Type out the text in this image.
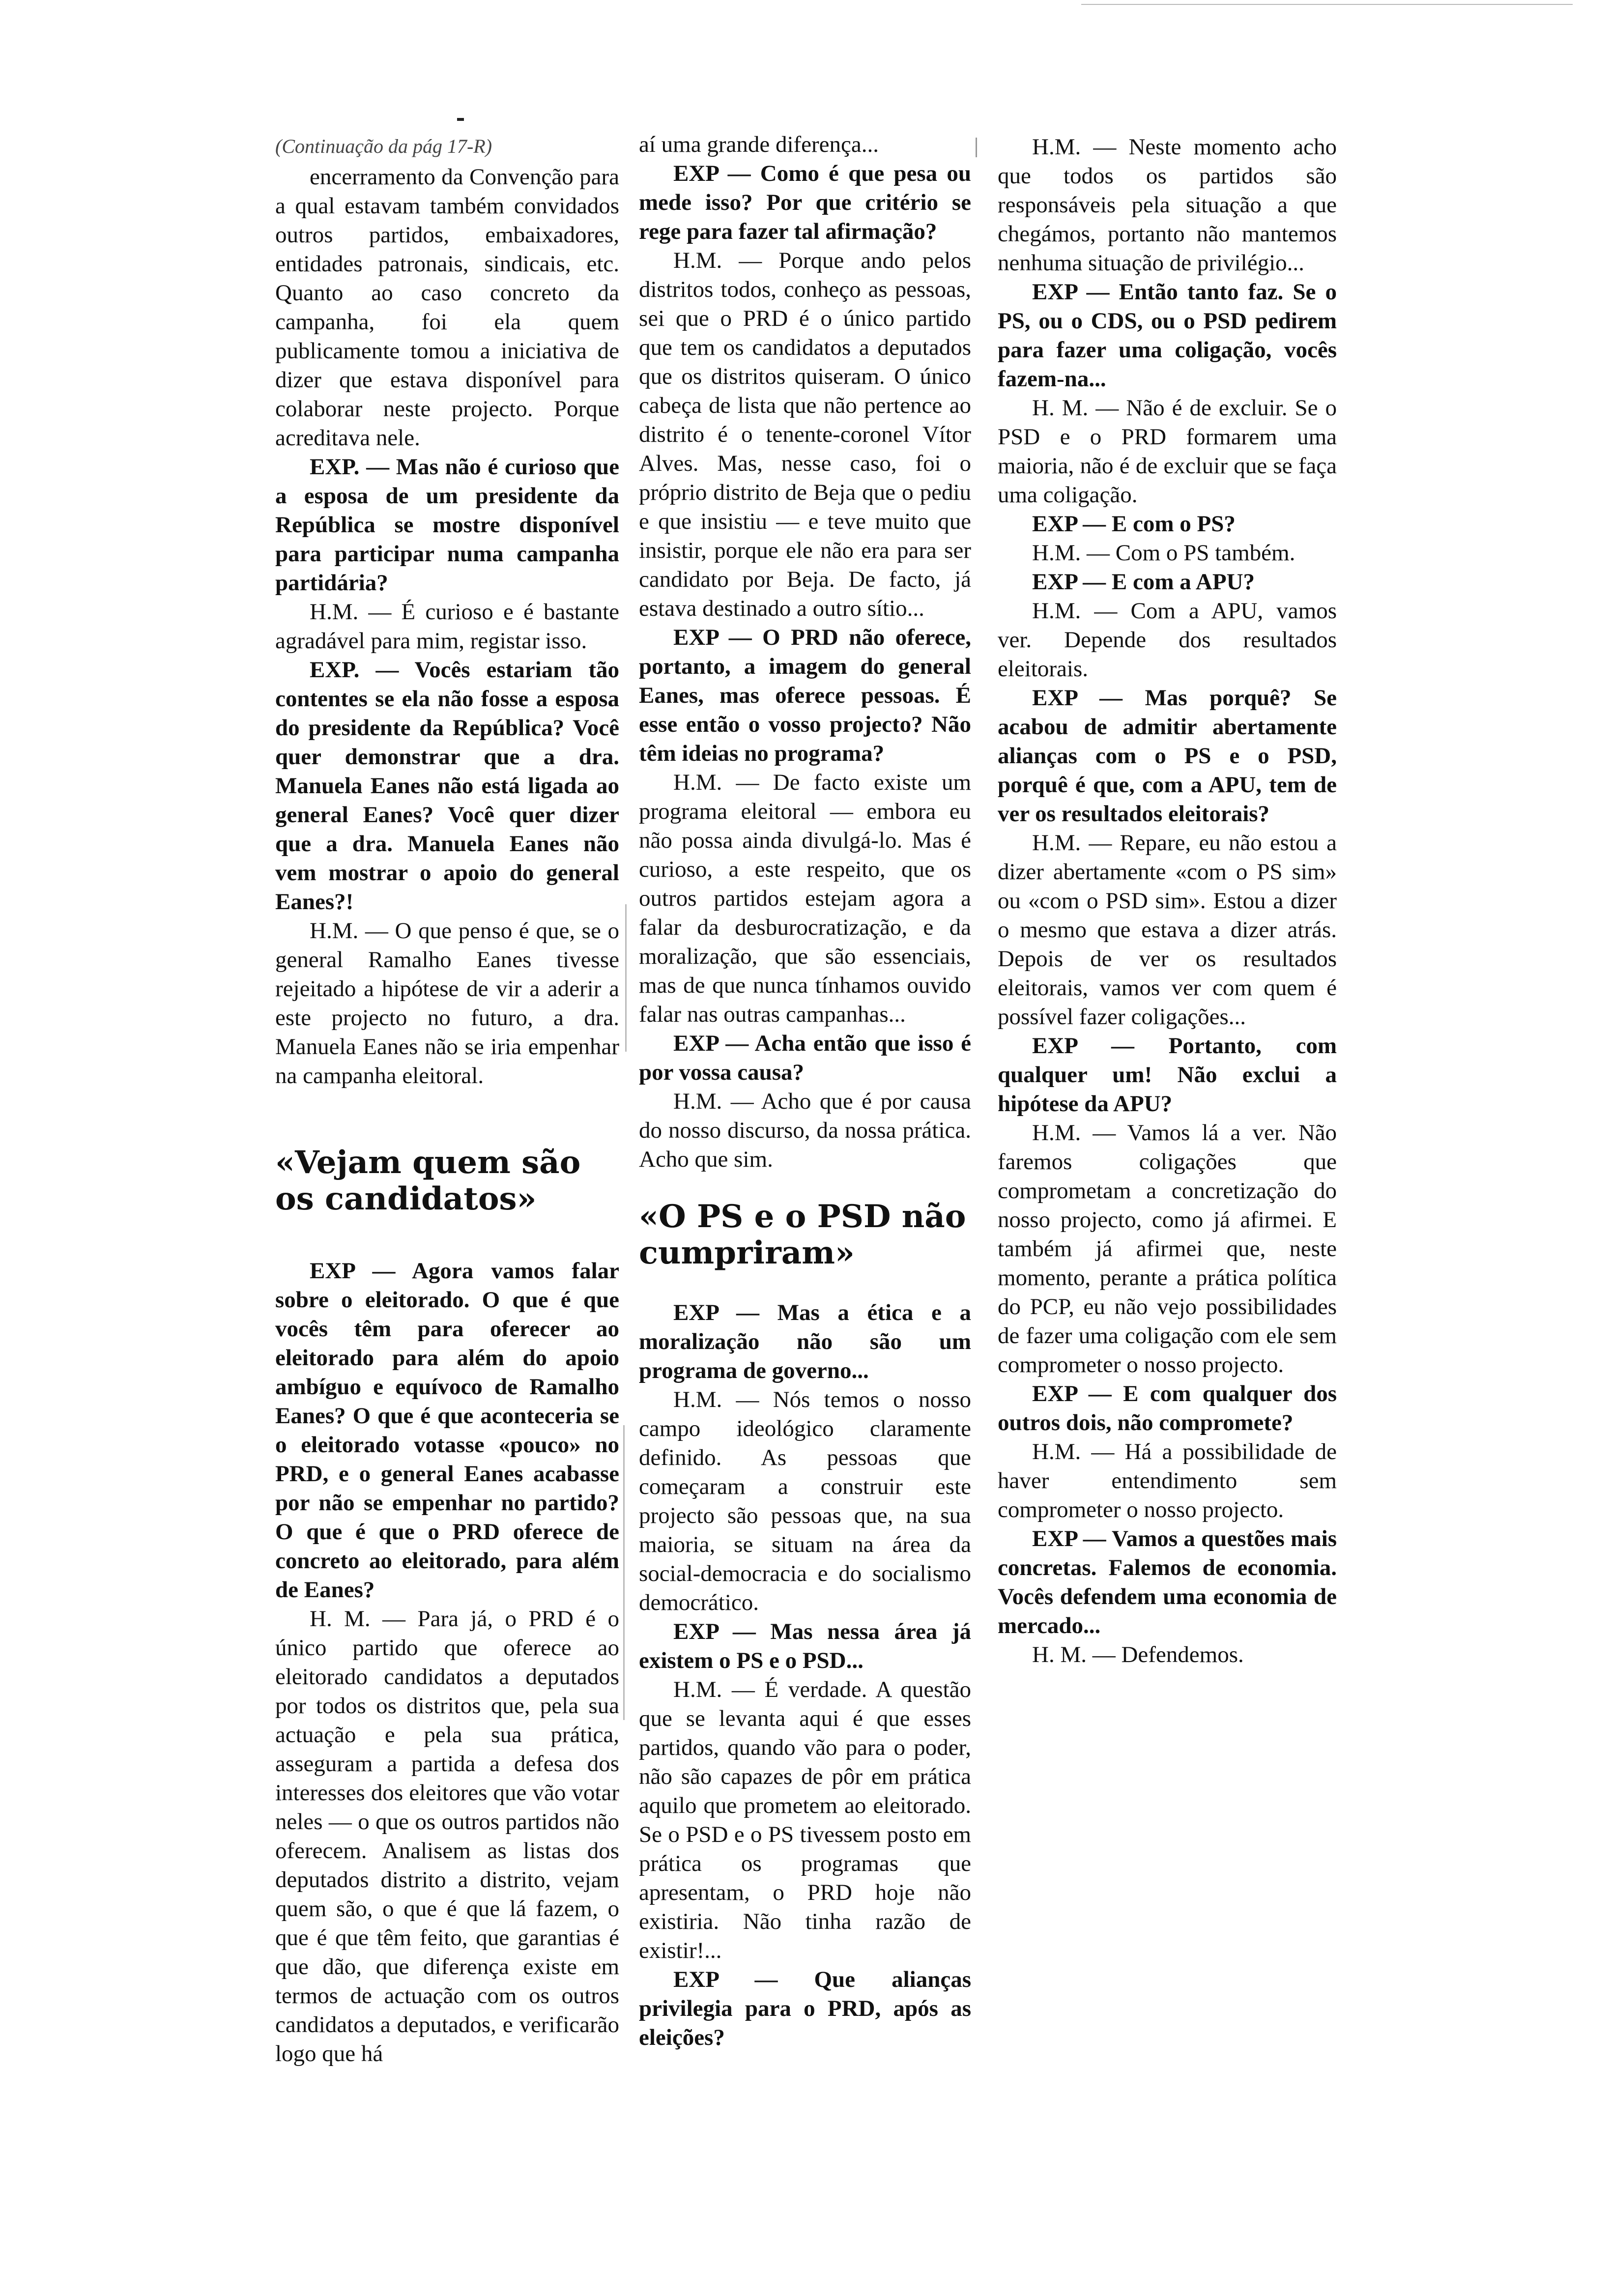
(Continuação da pág 17-R)

encerramento da Convenção para a qual estavam também convidados outros partidos, embaixadores, entidades patronais, sindicais, etc. Quanto ao caso concreto da campanha, foi ela quem publicamente tomou a iniciativa de dizer que estava disponível para colaborar neste projecto. Porque acreditava nele.

EXP. — Mas não é curioso que a esposa de um presidente da República se mostre disponível para participar numa campanha partidária?

H.M. — É curioso e é bastante agradável para mim, registar isso.

EXP. — Vocês estariam tão contentes se ela não fosse a esposa do presidente da República? Você quer demonstrar que a dra. Manuela Eanes não está ligada ao general Eanes? Você quer dizer que a dra. Manuela Eanes não vem mostrar o apoio do general Eanes?!

H.M. — O que penso é que, se o general Ramalho Eanes tivesse rejeitado a hipótese de vir a aderir a este projecto no futuro, a dra. Manuela Eanes não se iria empenhar na campanha eleitoral.

«Vejam quem são os candidatos»

EXP — Agora vamos falar sobre o eleitorado. O que é que vocês têm para oferecer ao eleitorado para além do apoio ambíguo e equívoco de Ramalho Eanes? O que é que aconteceria se o eleitorado votasse «pouco» no PRD, e o general Eanes acabasse por não se empenhar no partido? O que é que o PRD oferece de concreto ao eleitorado, para além de Eanes?

H. M. — Para já, o PRD é o único partido que oferece ao eleitorado candidatos a deputados por todos os distritos que, pela sua actuação e pela sua prática, asseguram a partida a defesa dos interesses dos eleitores que vão votar neles — o que os outros partidos não oferecem. Analisem as listas dos deputados distrito a distrito, vejam quem são, o que é que lá fazem, o que é que têm feito, que garantias é que dão, que diferença existe em termos de actuação com os outros candidatos a deputados, e verificarão logo que há

aí uma grande diferença...

EXP — Como é que pesa ou mede isso? Por que critério se rege para fazer tal afirmação?

H.M. — Porque ando pelos distritos todos, conheço as pessoas, sei que o PRD é o único partido que tem os candidatos a deputados que os distritos quiseram. O único cabeça de lista que não pertence ao distrito é o tenente-coronel Vítor Alves. Mas, nesse caso, foi o próprio distrito de Beja que o pediu e que insistiu — e teve muito que insistir, porque ele não era para ser candidato por Beja. De facto, já estava destinado a outro sítio...

EXP — O PRD não oferece, portanto, a imagem do general Eanes, mas oferece pessoas. É esse então o vosso projecto? Não têm ideias no programa?

H.M. — De facto existe um programa eleitoral — embora eu não possa ainda divulgá-lo. Mas é curioso, a este respeito, que os outros partidos estejam agora a falar da desburocratização, e da moralização, que são essenciais, mas de que nunca tínhamos ouvido falar nas outras campanhas...

EXP — Acha então que isso é por vossa causa?

H.M. — Acho que é por causa do nosso discurso, da nossa prática. Acho que sim.

«O PS e o PSD não cumpriram»

EXP — Mas a ética e a moralização não são um programa de governo...

H.M. — Nós temos o nosso campo ideológico claramente definido. As pessoas que começaram a construir este projecto são pessoas que, na sua maioria, se situam na área da social-democracia e do socialismo democrático.

EXP — Mas nessa área já existem o PS e o PSD...

H.M. — É verdade. A questão que se levanta aqui é que esses partidos, quando vão para o poder, não são capazes de pôr em prática aquilo que prometem ao eleitorado. Se o PSD e o PS tivessem posto em prática os programas que apresentam, o PRD hoje não existiria. Não tinha razão de existir!...

EXP — Que alianças privilegia para o PRD, após as eleições?

H.M. — Neste momento acho que todos os partidos são responsáveis pela situação a que chegámos, portanto não mantemos nenhuma situação de privilégio...

EXP — Então tanto faz. Se o PS, ou o CDS, ou o PSD pedirem para fazer uma coligação, vocês fazem-na...

H. M. — Não é de excluir. Se o PSD e o PRD formarem uma maioria, não é de excluir que se faça uma coligação.

EXP — E com o PS?

H.M. — Com o PS também.

EXP — E com a APU?

H.M. — Com a APU, vamos ver. Depende dos resultados eleitorais.

EXP — Mas porquê? Se acabou de admitir abertamente alianças com o PS e o PSD, porquê é que, com a APU, tem de ver os resultados eleitorais?

H.M. — Repare, eu não estou a dizer abertamente «com o PS sim» ou «com o PSD sim». Estou a dizer o mesmo que estava a dizer atrás. Depois de ver os resultados eleitorais, vamos ver com quem é possível fazer coligações...

EXP — Portanto, com qualquer um! Não exclui a hipótese da APU?

H.M. — Vamos lá a ver. Não faremos coligações que comprometam a concretização do nosso projecto, como já afirmei. E também já afirmei que, neste momento, perante a prática política do PCP, eu não vejo possibilidades de fazer uma coligação com ele sem comprometer o nosso projecto.

EXP — E com qualquer dos outros dois, não compromete?

H.M. — Há a possibilidade de haver entendimento sem comprometer o nosso projecto.

EXP — Vamos a questões mais concretas. Falemos de economia. Vocês defendem uma economia de mercado...

H. M. — Defendemos.
